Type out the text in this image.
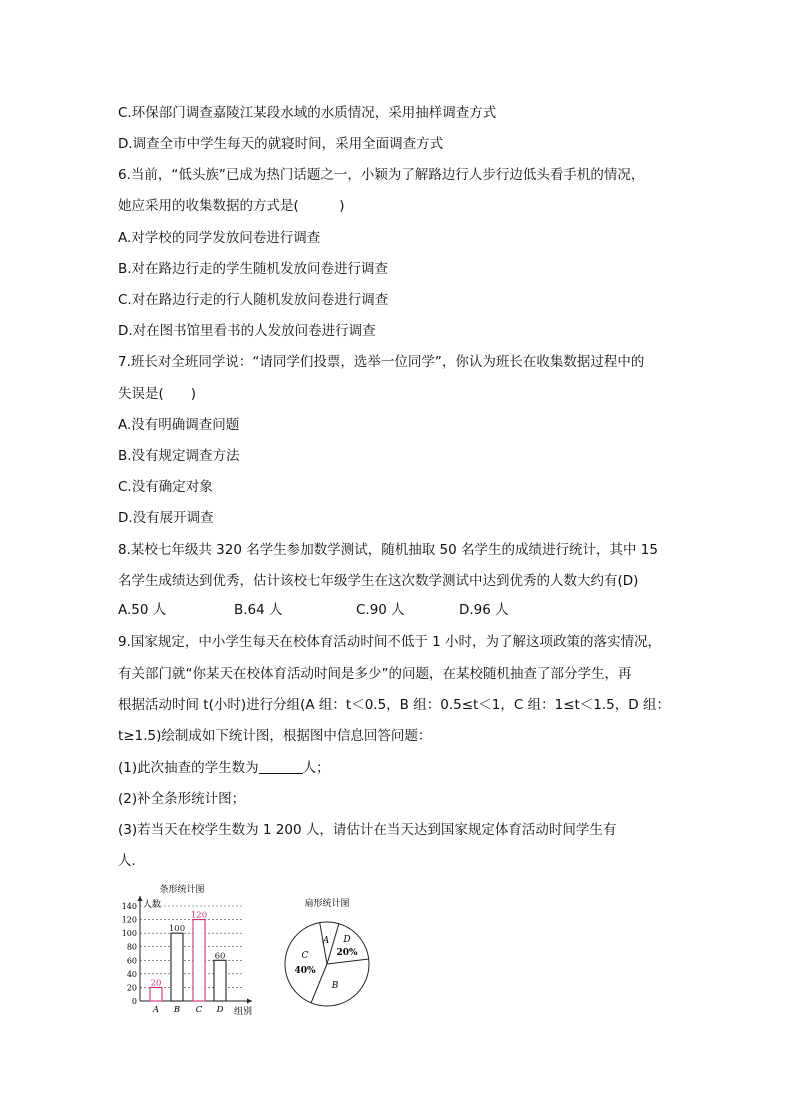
C.环保部门调查嘉陵江某段水域的水质情况，采用抽样调查方式
D.调查全市中学生每天的就寝时间，采用全面调查方式
6.当前，“低头族”已成为热门话题之一，小颖为了解路边行人步行边低头看手机的情况，
她应采用的收集数据的方式是(　　　)
A.对学校的同学发放问卷进行调查
B.对在路边行走的学生随机发放问卷进行调查
C.对在路边行走的行人随机发放问卷进行调查
D.对在图书馆里看书的人发放问卷进行调查
7.班长对全班同学说：“请同学们投票，选举一位同学”，你认为班长在收集数据过程中的
失误是(　　)
A.没有明确调查问题
B.没有规定调查方法
C.没有确定对象
D.没有展开调查
8.某校七年级共 320 名学生参加数学测试，随机抽取 50 名学生的成绩进行统计，其中 15
名学生成绩达到优秀，估计该校七年级学生在这次数学测试中达到优秀的人数大约有(D)
A.50 人	B.64 人	C.90 人	D.96 人
9.国家规定，中小学生每天在校体育活动时间不低于 1 小时，为了解这项政策的落实情况，
有关部门就“你某天在校体育活动时间是多少”的问题，在某校随机抽查了部分学生，再
根据活动时间 t(小时)进行分组(A 组：t＜0.5，B 组：0.5≤t＜1，C 组：1≤t＜1.5，D 组：
t≥1.5)绘制成如下统计图，根据图中信息回答问题：
(1)此次抽查的学生数为	人；
(2)补全条形统计图；
(3)若当天在校学生数为 1 200 人，请估计在当天达到国家规定体育活动时间学生有
人.
条形统计图
人数
0
20
40
60
80
100
120
140
20
100
120
60
A B C D 组别
扇形统计图
A D
20%
C
40%
B
